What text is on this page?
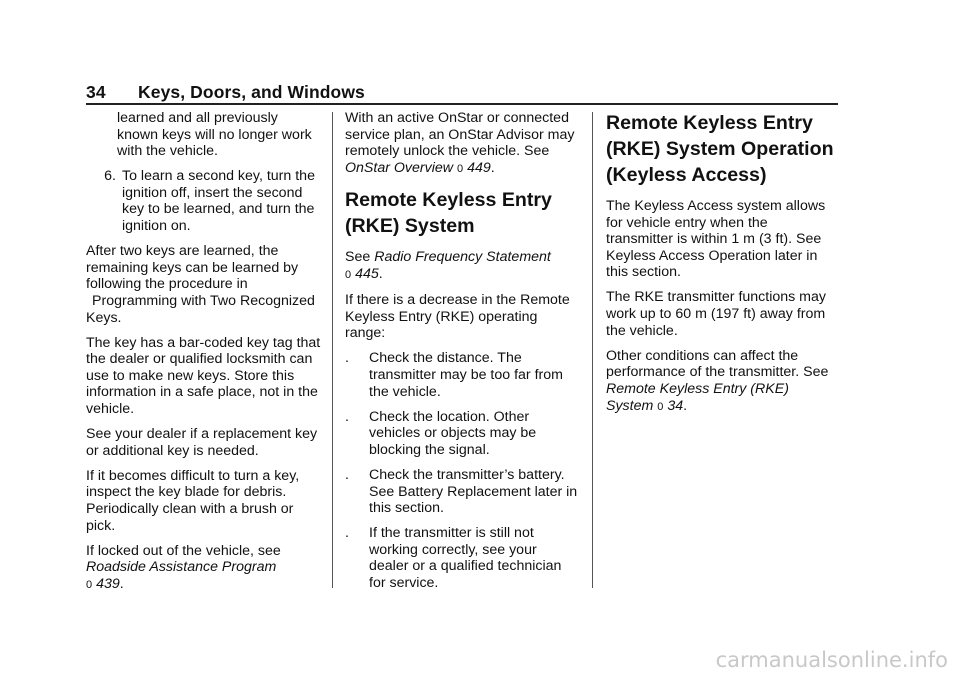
34	Keys, Doors, and Windows

learned and all previously known keys will no longer work with the vehicle.

6. To learn a second key, turn the ignition off, insert the second key to be learned, and turn the ignition on.

After two keys are learned, the remaining keys can be learned by following the procedure in Programming with Two Recognized Keys.

The key has a bar-coded key tag that the dealer or qualified locksmith can use to make new keys. Store this information in a safe place, not in the vehicle.

See your dealer if a replacement key or additional key is needed.

If it becomes difficult to turn a key, inspect the key blade for debris. Periodically clean with a brush or pick.

If locked out of the vehicle, see
Roadside Assistance Program
0 439.

With an active OnStar or connected service plan, an OnStar Advisor may remotely unlock the vehicle. See OnStar Overview 0 449.

Remote Keyless Entry (RKE) System

See Radio Frequency Statement
0 445.

If there is a decrease in the Remote Keyless Entry (RKE) operating range:

.	Check the distance. The transmitter may be too far from the vehicle.
.	Check the location. Other vehicles or objects may be blocking the signal.
.	Check the transmitter’s battery. See Battery Replacement later in this section.
.	If the transmitter is still not working correctly, see your dealer or a qualified technician for service.
Remote Keyless Entry (RKE) System Operation (Keyless Access)

The Keyless Access system allows for vehicle entry when the transmitter is within 1 m (3 ft). See Keyless Access Operation later in this section.

The RKE transmitter functions may work up to 60 m (197 ft) away from the vehicle.

Other conditions can affect the performance of the transmitter. See
Remote Keyless Entry (RKE) System 0 34.

carmanualsonline.info
